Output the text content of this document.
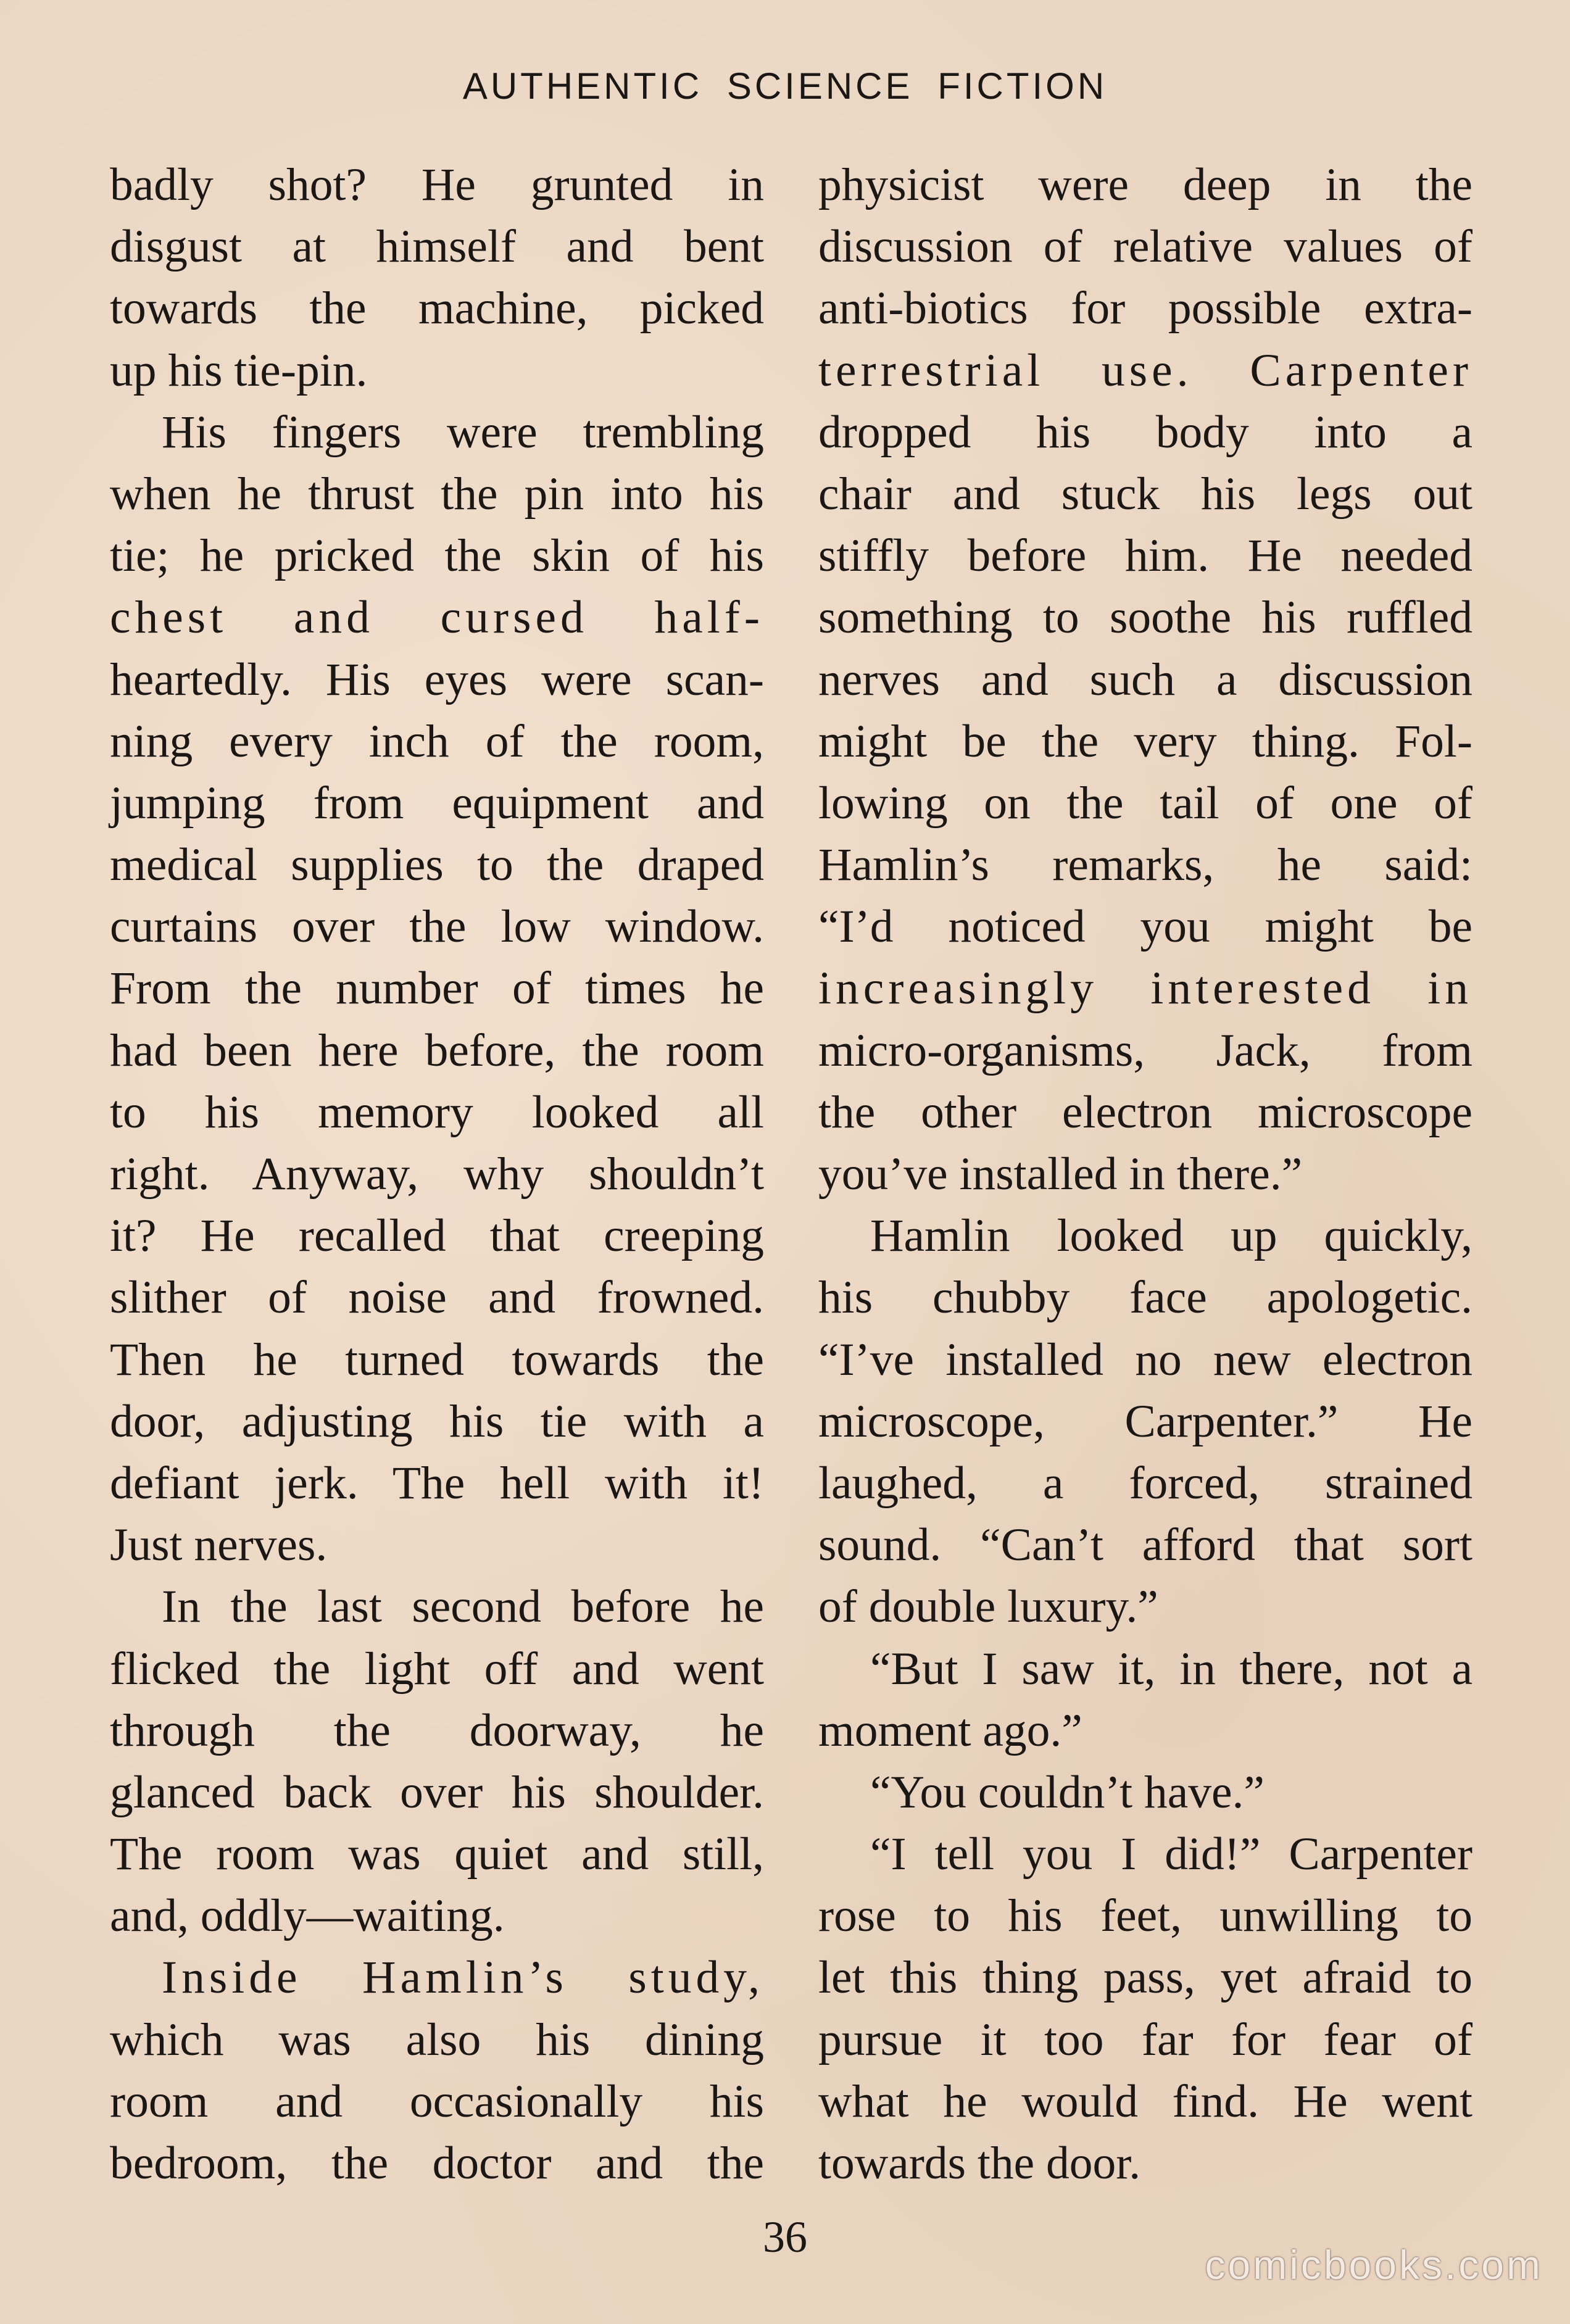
AUTHENTIC SCIENCE FICTION
badly shot? He grunted in
disgust at himself and bent
towards the machine, picked
up his tie-pin.
His fingers were trembling
when he thrust the pin into his
tie; he pricked the skin of his
chest and cursed half-
heartedly. His eyes were scan-
ning every inch of the room,
jumping from equipment and
medical supplies to the draped
curtains over the low window.
From the number of times he
had been here before, the room
to his memory looked all
right. Anyway, why shouldn’t
it? He recalled that creeping
slither of noise and frowned.
Then he turned towards the
door, adjusting his tie with a
defiant jerk. The hell with it!
Just nerves.
In the last second before he
flicked the light off and went
through the doorway, he
glanced back over his shoulder.
The room was quiet and still,
and, oddly—waiting.
Inside Hamlin’s study,
which was also his dining
room and occasionally his
bedroom, the doctor and the
physicist were deep in the
discussion of relative values of
anti-biotics for possible extra-
terrestrial use. Carpenter
dropped his body into a
chair and stuck his legs out
stiffly before him. He needed
something to soothe his ruffled
nerves and such a discussion
might be the very thing. Fol-
lowing on the tail of one of
Hamlin’s remarks, he said:
“I’d noticed you might be
increasingly interested in
micro-organisms, Jack, from
the other electron microscope
you’ve installed in there.”
Hamlin looked up quickly,
his chubby face apologetic.
“I’ve installed no new electron
microscope, Carpenter.” He
laughed, a forced, strained
sound. “Can’t afford that sort
of double luxury.”
“But I saw it, in there, not a
moment ago.”
“You couldn’t have.”
“I tell you I did!” Carpenter
rose to his feet, unwilling to
let this thing pass, yet afraid to
pursue it too far for fear of
what he would find. He went
towards the door.
36
comicbooks.com
